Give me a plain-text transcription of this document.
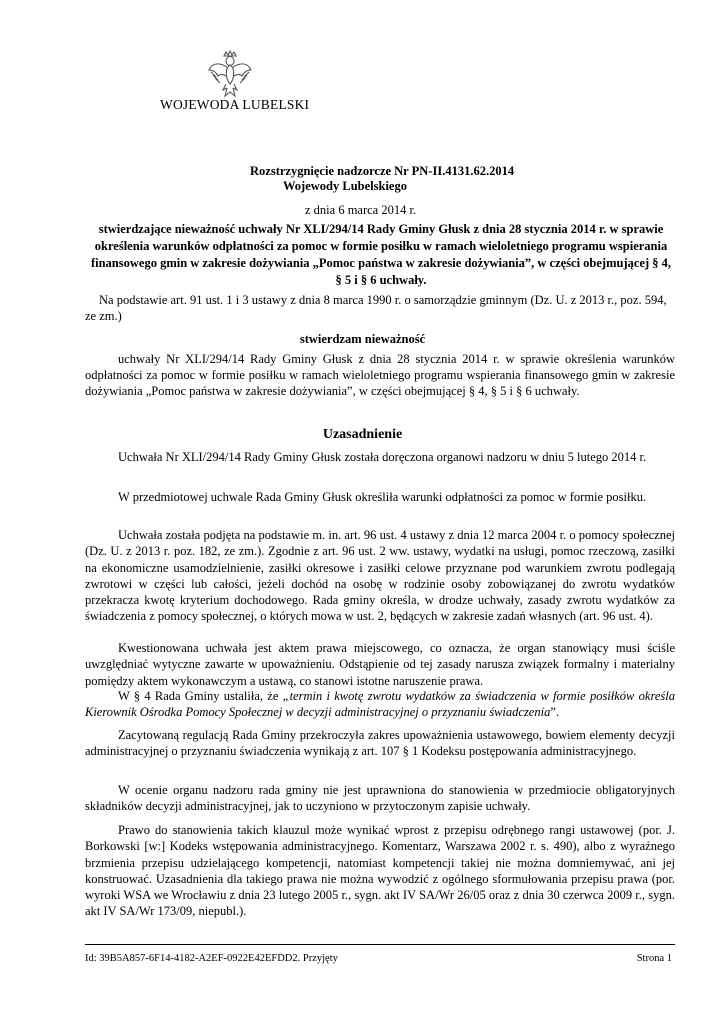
WOJEWODA LUBELSKI
Rozstrzygnięcie nadzorcze Nr PN-II.4131.62.2014
Wojewody Lubelskiego
z dnia 6 marca 2014 r.
stwierdzające nieważność uchwały Nr XLI/294/14 Rady Gminy Głusk z dnia 28 stycznia 2014 r. w sprawie określenia warunków odpłatności za pomoc w formie posiłku w ramach wieloletniego programu wspierania finansowego gmin w zakresie dożywiania „Pomoc państwa w zakresie dożywiania”, w części obejmującej § 4, § 5 i § 6 uchwały.
Na podstawie art. 91 ust. 1 i 3 ustawy z dnia 8 marca 1990 r. o samorządzie gminnym (Dz. U. z 2013 r., poz. 594, ze zm.)
stwierdzam nieważność
uchwały Nr XLI/294/14 Rady Gminy Głusk z dnia 28 stycznia 2014 r. w sprawie określenia warunków odpłatności za pomoc w formie posiłku w ramach wieloletniego programu wspierania finansowego gmin w zakresie dożywiania „Pomoc państwa w zakresie dożywiania”, w części obejmującej § 4, § 5 i § 6 uchwały.
Uzasadnienie
Uchwała Nr XLI/294/14 Rady Gminy Głusk została doręczona organowi nadzoru w dniu 5 lutego 2014 r.
W przedmiotowej uchwale Rada Gminy Głusk określiła warunki odpłatności za pomoc w formie posiłku.
Uchwała została podjęta na podstawie m. in. art. 96 ust. 4 ustawy z dnia 12 marca 2004 r. o pomocy społecznej (Dz. U. z 2013 r. poz. 182, ze zm.). Zgodnie z art. 96 ust. 2 ww. ustawy, wydatki na usługi, pomoc rzeczową, zasiłki na ekonomiczne usamodzielnienie, zasiłki okresowe i zasiłki celowe przyznane pod warunkiem zwrotu podlegają zwrotowi w części lub całości, jeżeli dochód na osobę w rodzinie osoby zobowiązanej do zwrotu wydatków przekracza kwotę kryterium dochodowego. Rada gminy określa, w drodze uchwały, zasady zwrotu wydatków za świadczenia z pomocy społecznej, o których mowa w ust. 2, będących w zakresie zadań własnych (art. 96 ust. 4).
Kwestionowana uchwała jest aktem prawa miejscowego, co oznacza, że organ stanowiący musi ściśle uwzględniać wytyczne zawarte w upoważnieniu. Odstąpienie od tej zasady narusza związek formalny i materialny pomiędzy aktem wykonawczym a ustawą, co stanowi istotne naruszenie prawa.
W § 4 Rada Gminy ustaliła, że „termin i kwotę zwrotu wydatków za świadczenia w formie posiłków określa Kierownik Ośrodka Pomocy Społecznej w decyzji administracyjnej o przyznaniu świadczenia”.
Zacytowaną regulacją Rada Gminy przekroczyła zakres upoważnienia ustawowego, bowiem elementy decyzji administracyjnej o przyznaniu świadczenia wynikają z art. 107 § 1 Kodeksu postępowania administracyjnego.
W ocenie organu nadzoru rada gminy nie jest uprawniona do stanowienia w przedmiocie obligatoryjnych składników decyzji administracyjnej, jak to uczyniono w przytoczonym zapisie uchwały.
Prawo do stanowienia takich klauzul może wynikać wprost z przepisu odrębnego rangi ustawowej (por. J. Borkowski [w:] Kodeks wstępowania administracyjnego. Komentarz, Warszawa 2002 r. s. 490), albo z wyraźnego brzmienia przepisu udzielającego kompetencji, natomiast kompetencji takiej nie można domniemywać, ani jej konstruować. Uzasadnienia dla takiego prawa nie można wywodzić z ogólnego sformułowania przepisu prawa (por. wyroki WSA we Wrocławiu z dnia 23 lutego 2005 r., sygn. akt IV SA/Wr 26/05 oraz z dnia 30 czerwca 2009 r., sygn. akt IV SA/Wr 173/09, niepubl.).
Id: 39B5A857-6F14-4182-A2EF-0922E42EFDD2. Przyjęty	Strona 1
